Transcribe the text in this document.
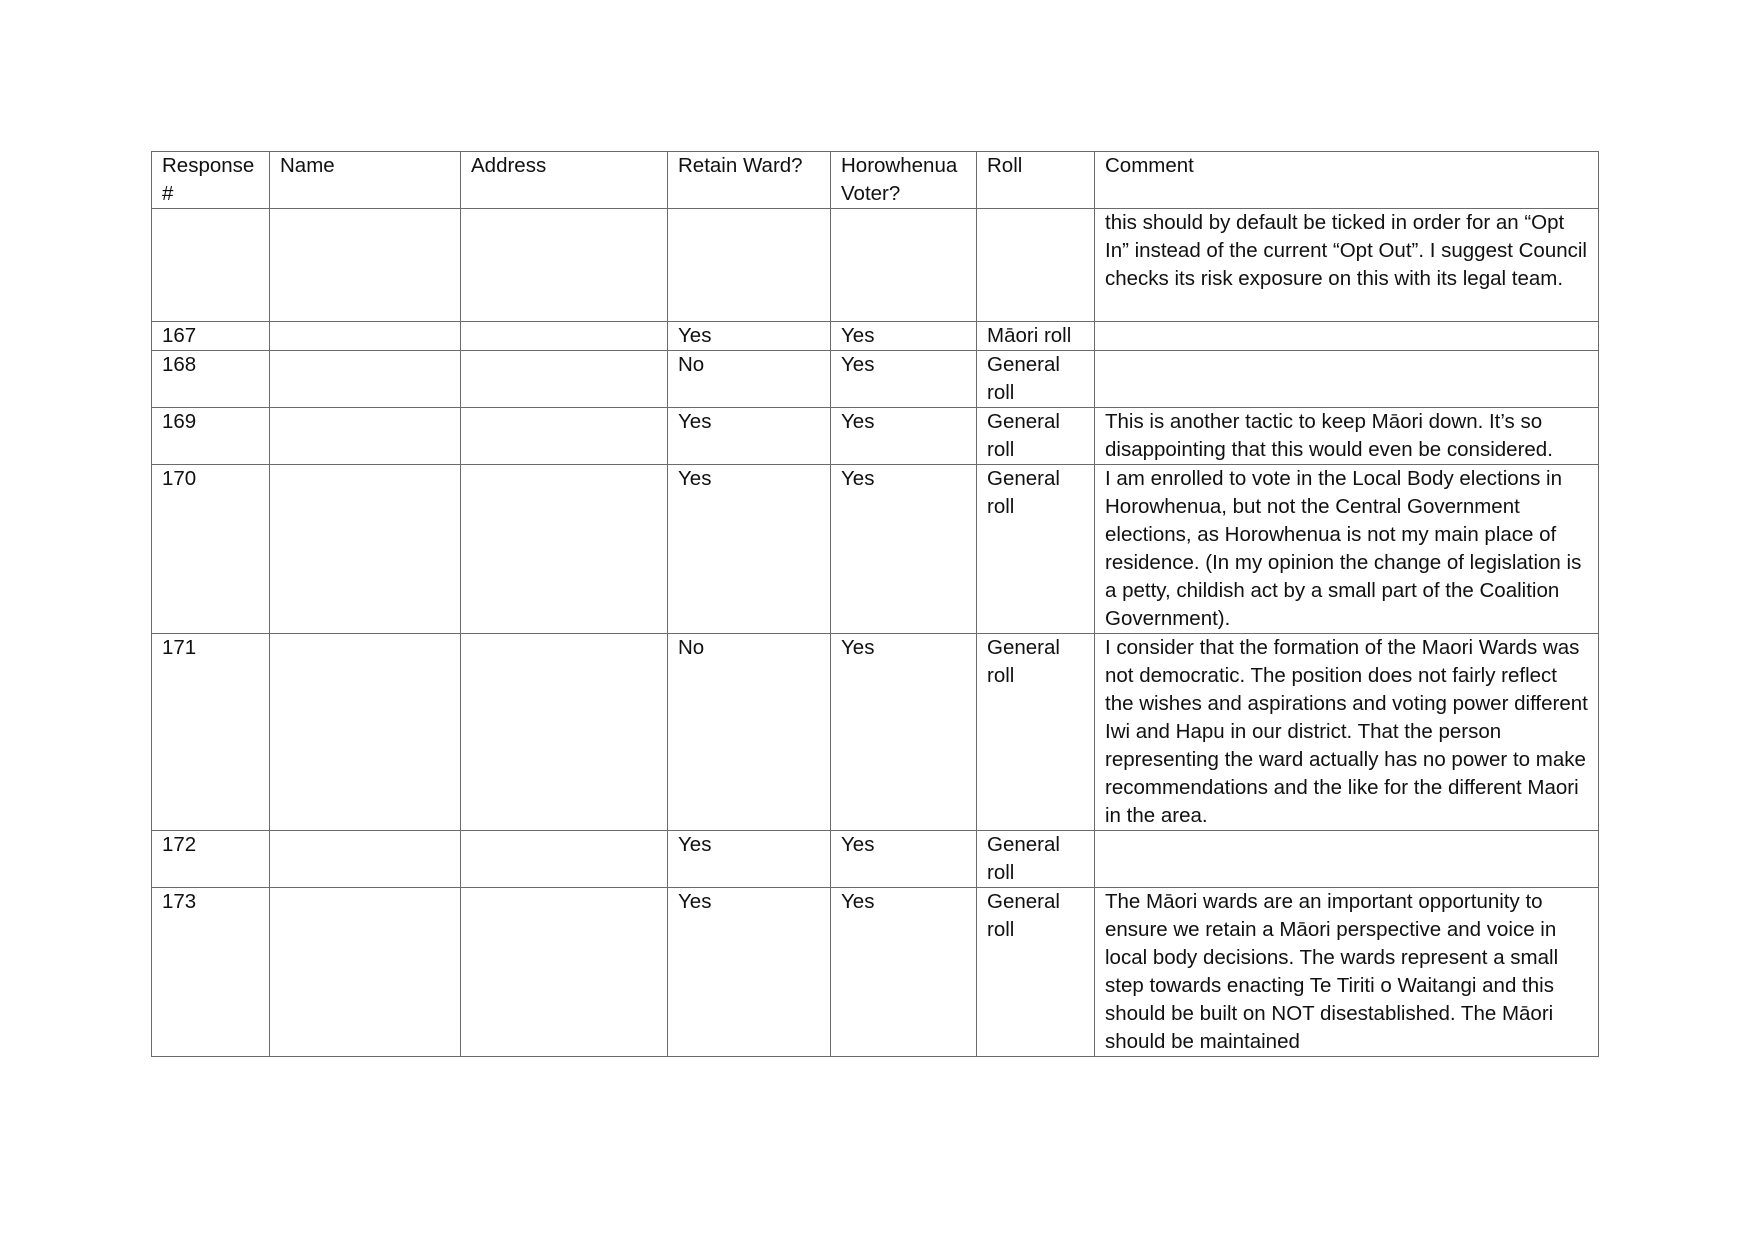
Response #	Name	Address	Retain Ward?	Horowhenua Voter?	Roll	Comment
						this should by default be ticked in order for an “Opt In” instead of the current “Opt Out”. I suggest Council checks its risk exposure on this with its legal team.
167			Yes	Yes	Māori roll	
168			No	Yes	General roll	
169			Yes	Yes	General roll	This is another tactic to keep Māori down. It’s so disappointing that this would even be considered.
170			Yes	Yes	General roll	I am enrolled to vote in the Local Body elections in Horowhenua, but not the Central Government elections, as Horowhenua is not my main place of residence. (In my opinion the change of legislation is a petty, childish act by a small part of the Coalition Government).
171			No	Yes	General roll	I consider that the formation of the Maori Wards was not democratic. The position does not fairly reflect the wishes and aspirations and voting power different Iwi and Hapu in our district. That the person representing the ward actually has no power to make recommendations and the like for the different Maori in the area.
172			Yes	Yes	General roll	
173			Yes	Yes	General roll	The Māori wards are an important opportunity to ensure we retain a Māori perspective and voice in local body decisions. The wards represent a small step towards enacting Te Tiriti o Waitangi and this should be built on NOT disestablished. The Māori should be maintained
